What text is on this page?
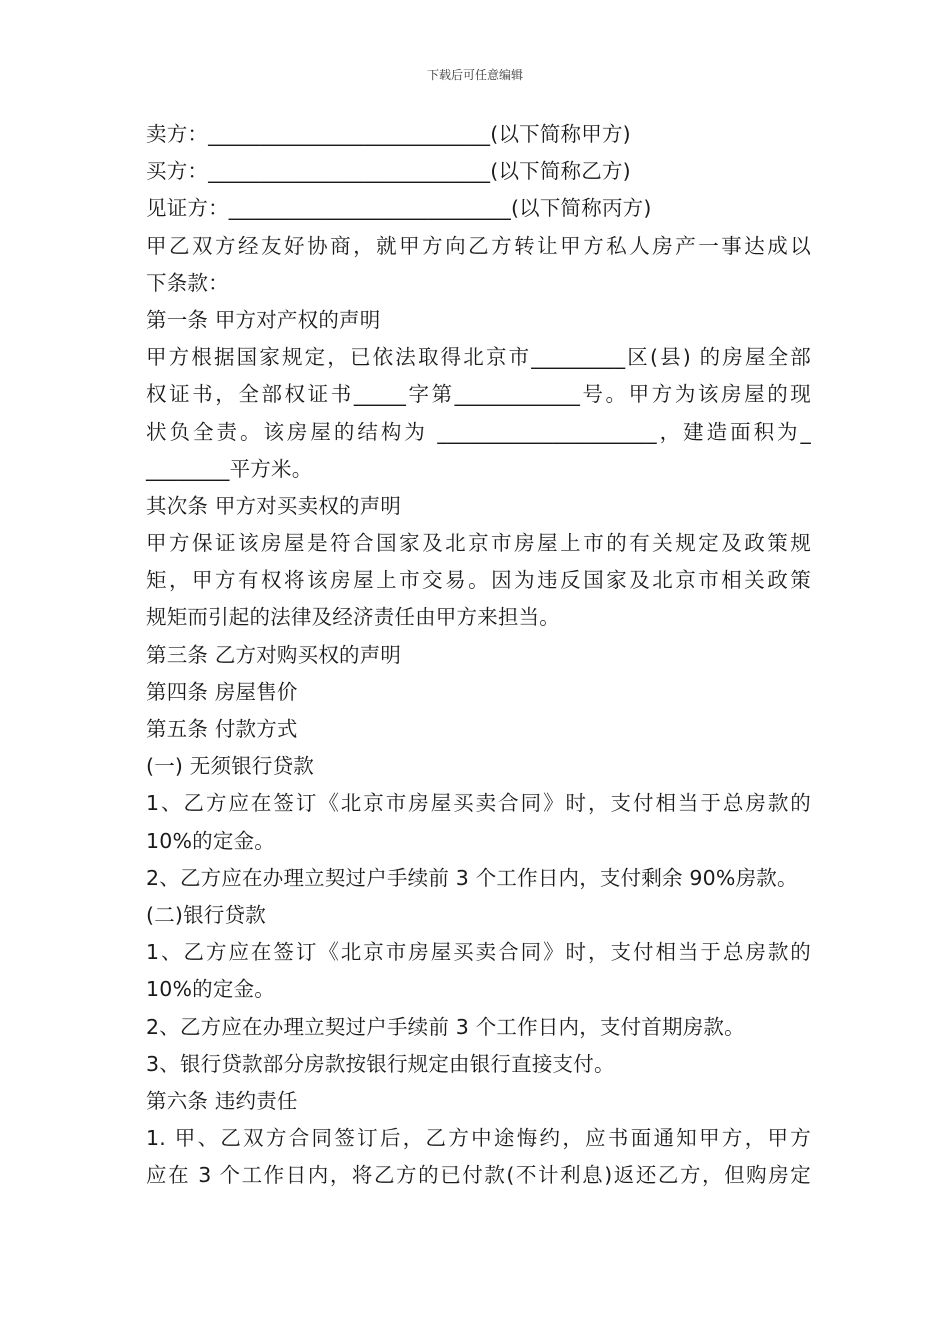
下载后可任意编辑
卖方：___________________________(以下简称甲方)
买方：___________________________(以下简称乙方)
见证方：___________________________(以下简称丙方)
甲乙双方经友好协商，就甲方向乙方转让甲方私人房产一事达成以
下条款：
第一条 甲方对产权的声明
甲方根据国家规定，已依法取得北京市_________区(县) 的房屋全部
权证书，全部权证书_____字第____________号。甲方为该房屋的现
状负全责。该房屋的结构为 _____________________，建造面积为_
________平方米。
其次条 甲方对买卖权的声明
甲方保证该房屋是符合国家及北京市房屋上市的有关规定及政策规
矩，甲方有权将该房屋上市交易。因为违反国家及北京市相关政策
规矩而引起的法律及经济责任由甲方来担当。
第三条 乙方对购买权的声明
第四条 房屋售价
第五条 付款方式
(一) 无须银行贷款
1、乙方应在签订《北京市房屋买卖合同》时，支付相当于总房款的
10%的定金。
2、乙方应在办理立契过户手续前 3 个工作日内，支付剩余 90%房款。
(二)银行贷款
1、乙方应在签订《北京市房屋买卖合同》时，支付相当于总房款的
10%的定金。
2、乙方应在办理立契过户手续前 3 个工作日内，支付首期房款。
3、银行贷款部分房款按银行规定由银行直接支付。
第六条 违约责任
1. 甲、乙双方合同签订后，乙方中途悔约，应书面通知甲方，甲方
应在 3 个工作日内，将乙方的已付款(不计利息)返还乙方，但购房定
